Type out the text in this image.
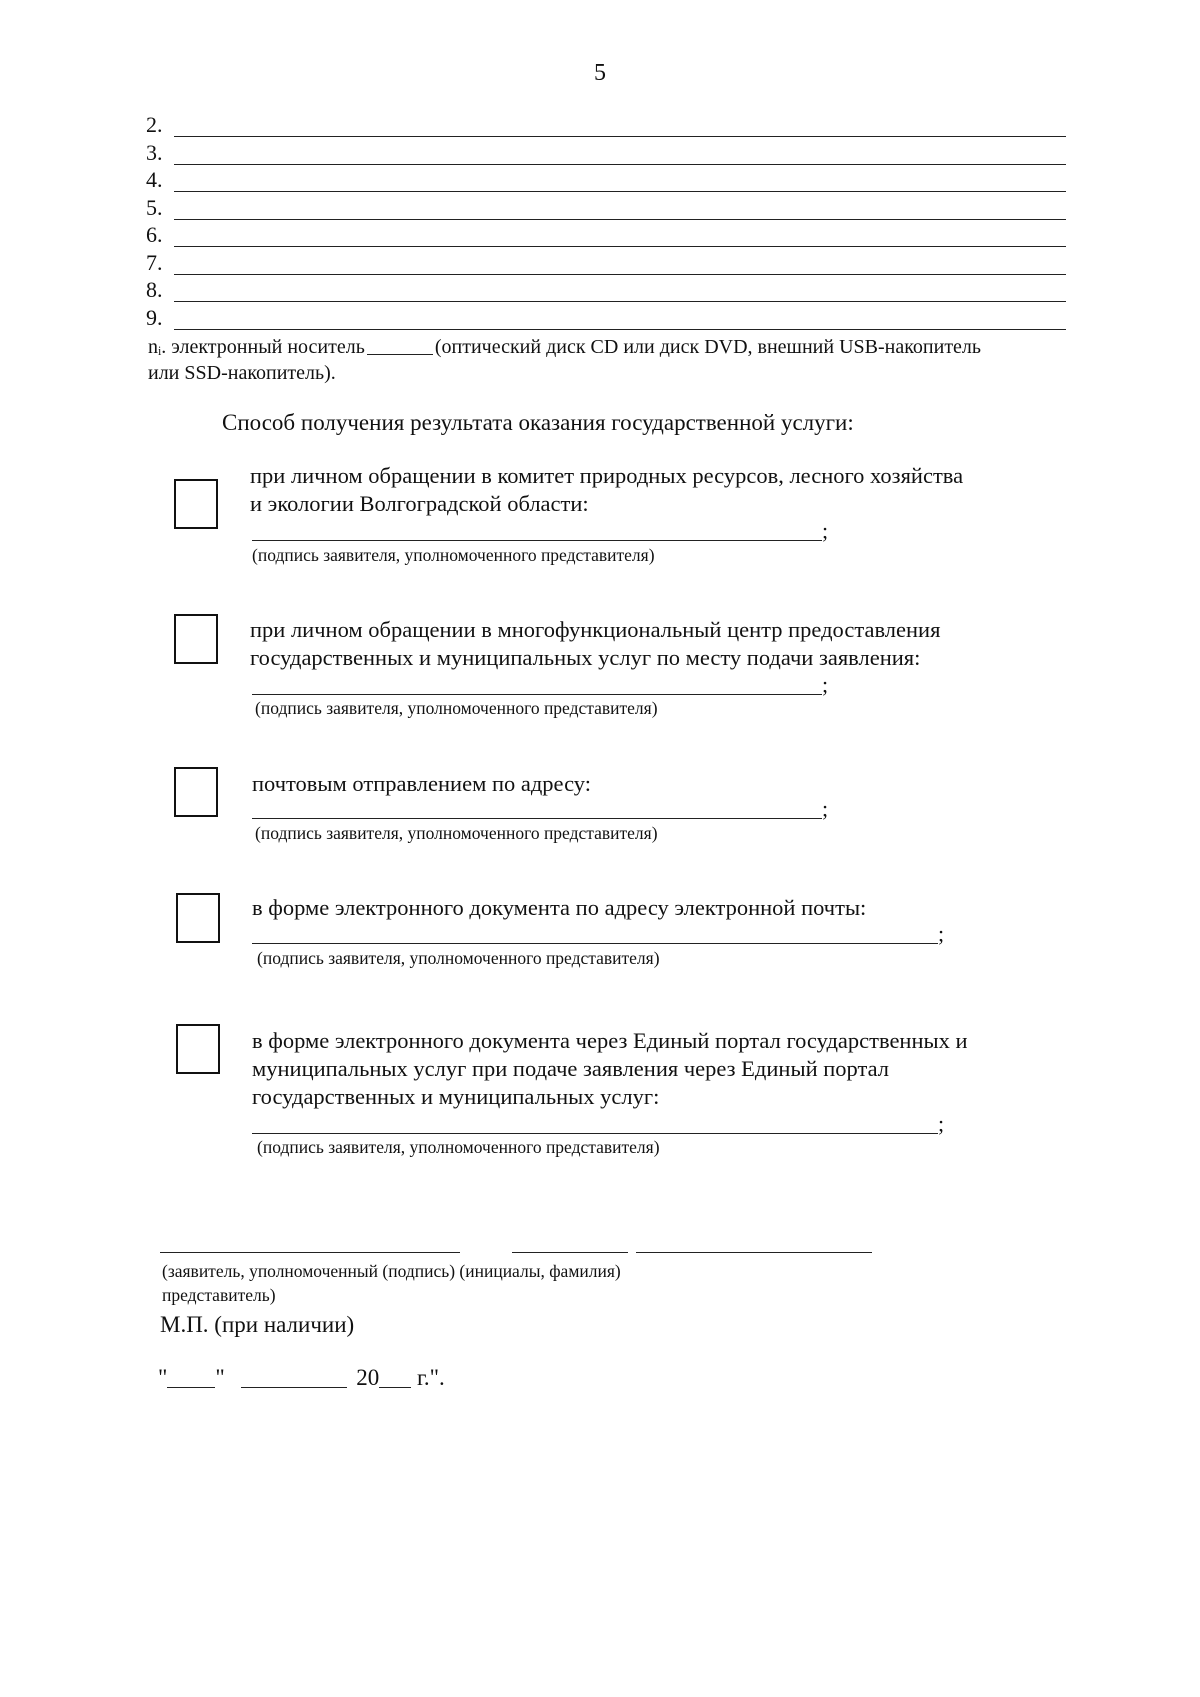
5
2.
3.
4.
5.
6.
7.
8.
9.
nᵢ. электронный носитель	(оптический диск CD или диск DVD, внешний USB-накопитель
или SSD-накопитель).
Способ получения результата оказания государственной услуги:
при личном обращении в комитет природных ресурсов, лесного хозяйства
и экологии Волгоградской области:
;
(подпись заявителя, уполномоченного представителя)
при личном обращении в многофункциональный центр предоставления
государственных и муниципальных услуг по месту подачи заявления:
;
(подпись заявителя, уполномоченного представителя)
почтовым отправлением по адресу:
;
(подпись заявителя, уполномоченного представителя)
в форме электронного документа по адресу электронной почты:
;
(подпись заявителя, уполномоченного представителя)
в форме электронного документа через Единый портал государственных и
муниципальных услуг при подаче заявления через Единый портал
государственных и муниципальных услуг:
;
(подпись заявителя, уполномоченного представителя)
(заявитель, уполномоченный (подпись) (инициалы, фамилия)
представитель)
М.П. (при наличии)
" "	20 г.".
